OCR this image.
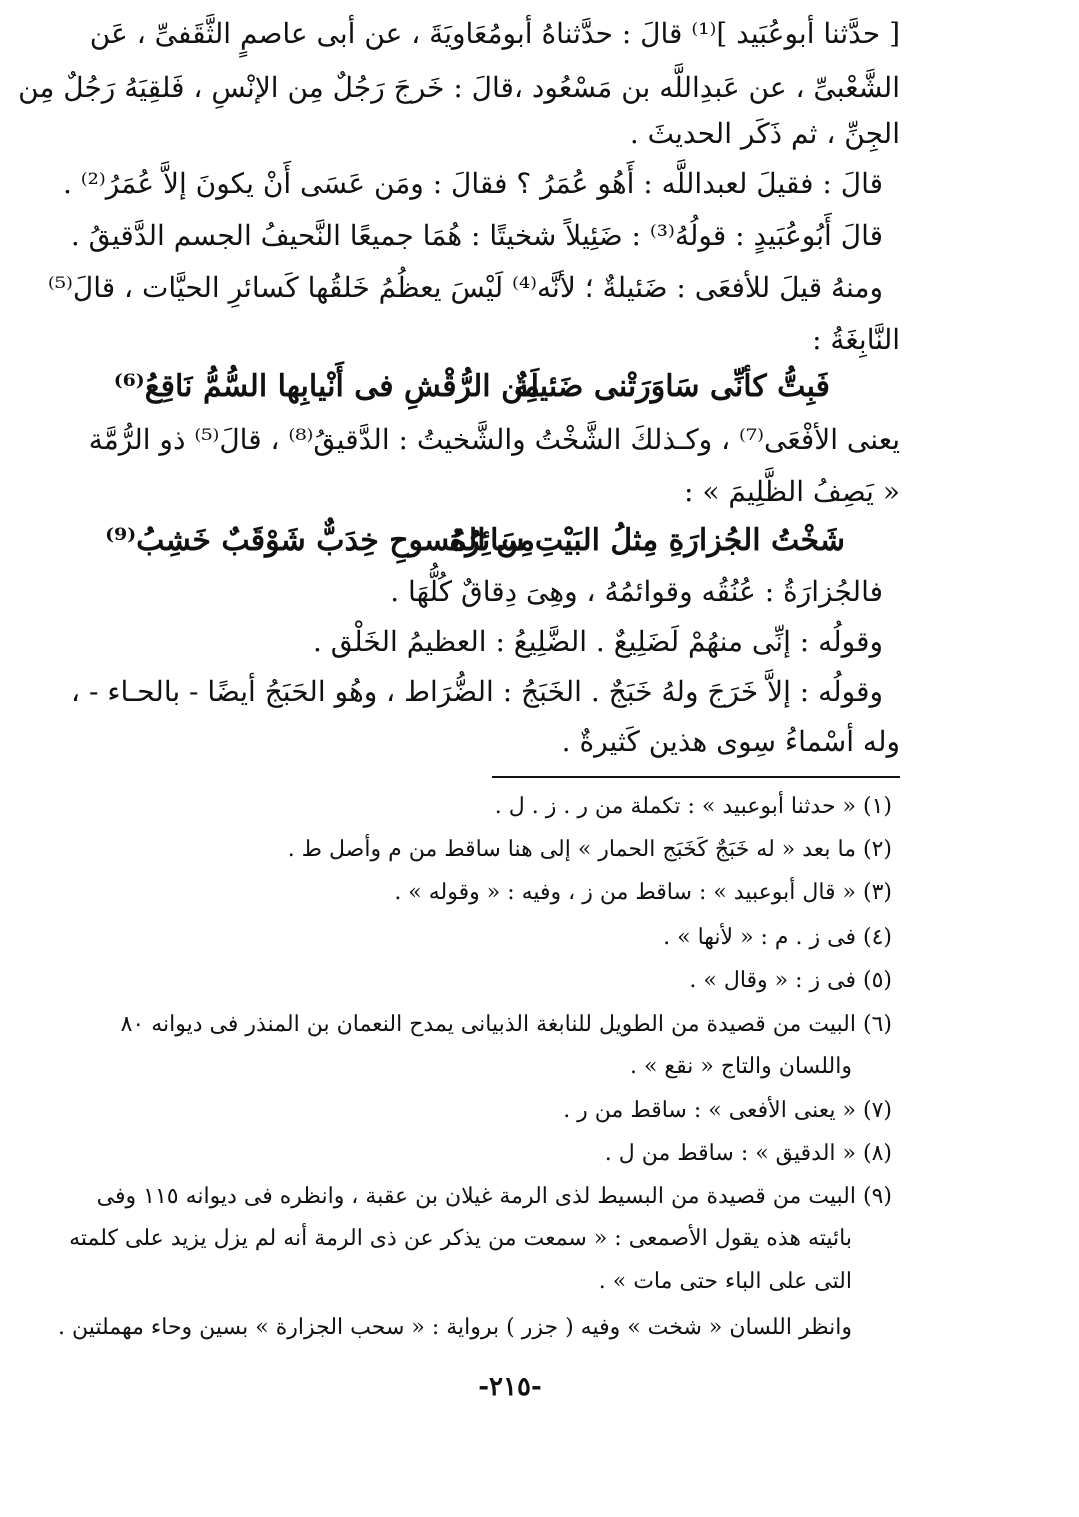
[ حدَّثنا أبوعُبَيد ]⁽¹⁾ قالَ : حدَّثناهُ أبومُعَاويَةَ ، عن أبى عاصمٍ الثَّقَفىِّ ، عَن
الشَّعْبىِّ ، عن عَبدِاللَّه بن مَسْعُود ،قالَ : خَرجَ رَجُلٌ مِن الإنْسِ ، فَلقِيَهُ رَجُلٌ مِن
الجِنِّ ، ثم ذَكَر الحديثَ .
قالَ : فقيلَ لعبداللَّه : أَهُو عُمَرُ ؟ فقالَ : ومَن عَسَى أَنْ يكونَ إلاَّ عُمَرُ⁽²⁾ .
قالَ أَبُوعُبَيدٍ : قولُهُ⁽³⁾ : ضَئِيلاً شخيتًا : هُمَا جميعًا النَّحيفُ الجسم الدَّقيقُ .
ومنهُ قيلَ للأفعَى : ضَئيلةٌ ؛ لأنَّه⁽⁴⁾ لَيْسَ يعظُمُ خَلقُها كَسائرِ الحيَّات ، قالَ⁽⁵⁾
النَّابِغَةُ :
فَبِتُّ كأنِّى سَاوَرَتْنى ضَئيلَةٌ
مِن الرُّقْشِ فى أَنْيابِها السُّمُّ نَاقِعُ⁽⁶⁾
يعنى الأفْعَى⁽⁷⁾ ، وكـذلكَ الشَّخْتُ والشَّخيتُ : الدَّقيقُ⁽⁸⁾ ، قالَ⁽⁵⁾ ذو الرُّمَّة
« يَصِفُ الظَّلِيمَ » :
شَخْتُ الجُزارَةِ مِثلُ البَيْتِ سَائِرُهُ
مِن المُسوحِ خِدَبٌّ شَوْقَبٌ خَشِبُ⁽⁹⁾
فالجُزارَةُ : عُنُقُه وقوائمُهُ ، وهِىَ دِقاقٌ كُلُّهَا .
وقولُه : إنِّى منهُمْ لَضَلِيعٌ . الضَّلِيعُ : العظيمُ الخَلْق .
وقولُه : إلاَّ خَرَجَ ولهُ خَبَجٌ . الخَبَجُ : الضُّرَاط ، وهُو الحَبَجُ أيضًا - بالحـاء - ،
وله أسْماءُ سِوى هذين كَثيرةٌ .
(١) « حدثنا أبوعبيد » : تكملة من ر . ز . ل .
(٢) ما بعد « له خَبَجٌ كَخَبَج الحمار » إلى هنا ساقط من م وأصل ط .
(٣) « قال أبوعبيد » : ساقط من ز ، وفيه : « وقوله » .
(٤) فى ز . م : « لأنها » .
(٥) فى ز : « وقال » .
(٦) البيت من قصيدة من الطويل للنابغة الذبيانى يمدح النعمان بن المنذر فى ديوانه ٨٠
واللسان والتاج « نقع » .
(٧) « يعنى الأفعى » : ساقط من ر .
(٨) « الدقيق » : ساقط من ل .
(٩) البيت من قصيدة من البسيط لذى الرمة غيلان بن عقبة ، وانظره فى ديوانه ١١٥ وفى
بائيته هذه يقول الأصمعى : « سمعت من يذكر عن ذى الرمة أنه لم يزل يزيد على كلمته
التى على الباء حتى مات » .
وانظر اللسان « شخت » وفيه ( جزر ) برواية : « سحب الجزارة » بسين وحاء مهملتين .
-٢١٥-
